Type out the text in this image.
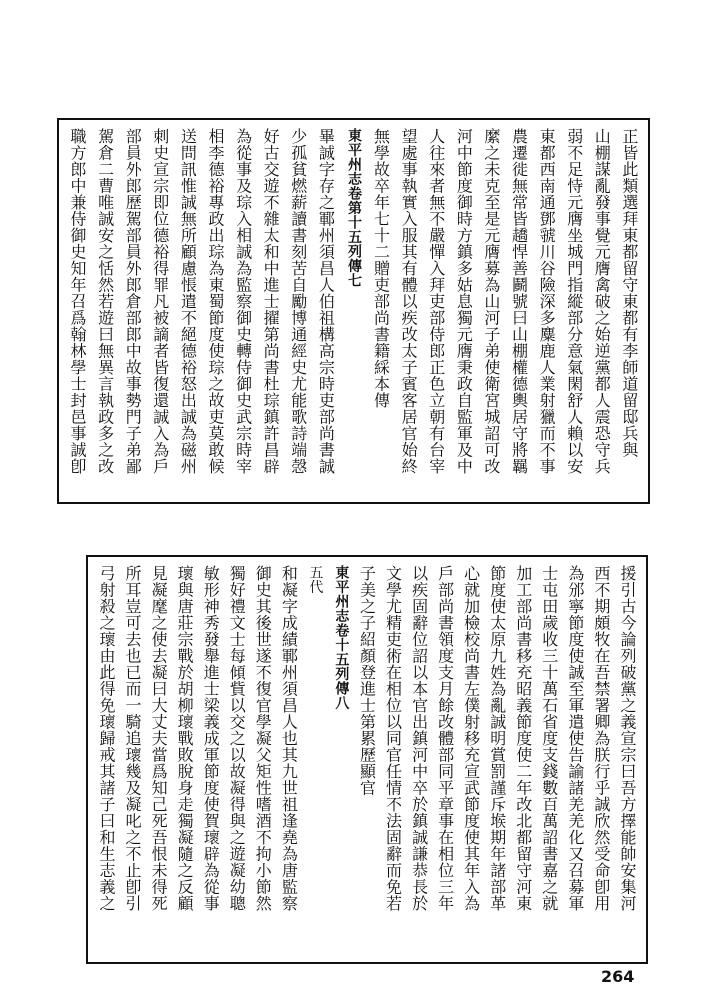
正皆此類選拜東都留守東都有李師道留邸兵與
山棚謀亂發事覺元膺禽破之始逆黨都人震恐守兵
弱不足恃元膺坐城門指縱部分意氣閑舒人賴以安
東都西南通鄧虢川谷險深多麋鹿人業射獵而不事
農遷徙無常皆趫悍善鬬號曰山棚權德輿居守將羈
縻之未克至是元膺募為山河子弟使衛宮城詔可改
河中節度御時方鎮多姑息獨元膺秉政自監軍及中
人往來者無不嚴憚入拜吏部侍郎正色立朝有台宰
望處事執實入服其有體以疾改太子賓客居官始終
無學故卒年七十二贈吏部尚書籍綵本傳
東平州志卷第十五列傳七
畢誠字存之鄆州須昌人伯祖構高宗時吏部尚書誠
少孤貧燃薪讀書刻苦自勵博通經史尤能歌詩端愨
好古交遊不雜太和中進士擢第尚書杜琮鎮許昌辟
為從事及琮入相誠為監察御史轉侍御史武宗時宰
相李德裕專政出琮為東蜀節度使琮之故吏莫敢候
送問訊惟誠無所顧慮悵遣不絕德裕怒出誠為磁州
刺史宣宗即位德裕得罪凡被謫者皆復還誠入為戶
部員外郎歷駕部員外郎倉部郎中故事勢門子弟鄙
駕倉二曹唯誠安之恬然若遊曰無異言執政多之改
職方郎中兼侍御史知年召爲翰林學士封邑事誠卽
援引古今論列破黨之義宣宗曰吾方擇能帥安集河
西不期頗牧在吾禁署卿為朕行乎誠欣然受命卽用
為邠寧節度使誠至軍遣使告諭諸羌羌化又召募軍
士屯田歲收三十萬石省度支錢數百萬詔書嘉之就
加工部尚書移充昭義節度使二年改北都留守河東
節度使太原九姓為亂誠明賞罰謹斥堠期年諸部革
心就加檢校尚書左僕射移充宣武節度使其年入為
戶部尚書領度支月餘改體部同平章事在相位三年
以疾固辭位詔以本官出鎮河中卒於鎮誠謙恭長於
文學尤精吏術在相位以同官任情不法固辭而免若
子美之子紹顏登進士第累歷顯官
東平州志卷十五列傳八
五代
和凝字成績鄆州須昌人也其九世祖逢堯為唐監察
御史其後世遂不復官學凝父矩性嗜酒不拘小節然
獨好禮文士每傾貲以交之以故凝得與之遊凝幼聰
敏形神秀發舉進士梁義成軍節度使賀瓌辟為從事
瓌與唐莊宗戰於胡柳瓌戰敗脫身走獨凝隨之反顧
見凝麾之使去凝曰大丈夫當爲知己死吾恨未得死
所耳豈可去也已而一騎追瓌幾及凝叱之不止卽引
弓射殺之瓌由此得免瓌歸戒其諸子曰和生志義之
264
